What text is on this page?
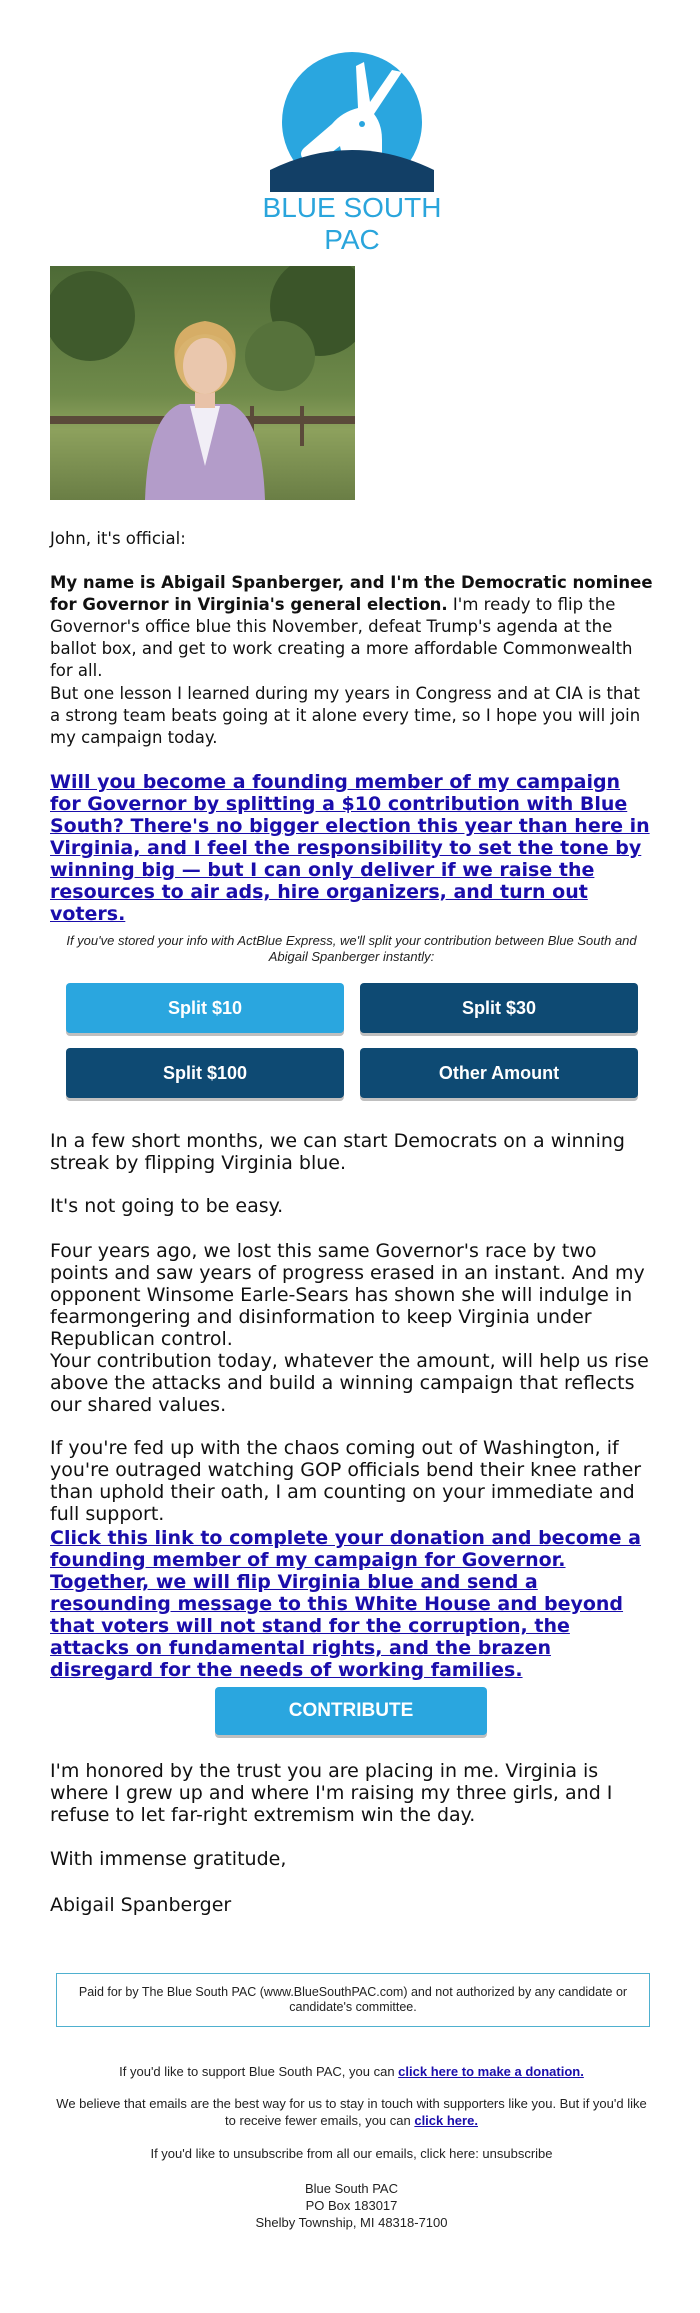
BLUE SOUTH PAC
John, it's official:
My name is Abigail Spanberger, and I'm the Democratic nominee for Governor in Virginia's general election. I'm ready to flip the Governor's office blue this November, defeat Trump's agenda at the ballot box, and get to work creating a more affordable Commonwealth for all.
But one lesson I learned during my years in Congress and at CIA is that a strong team beats going at it alone every time, so I hope you will join my campaign today.
Will you become a founding member of my campaign for Governor by splitting a $10 contribution with Blue South? There's no bigger election this year than here in Virginia, and I feel the responsibility to set the tone by winning big — but I can only deliver if we raise the resources to air ads, hire organizers, and turn out voters.
If you've stored your info with ActBlue Express, we'll split your contribution between Blue South and Abigail Spanberger instantly:
Split $10	Split $30
Split $100	Other Amount
In a few short months, we can start Democrats on a winning streak by flipping Virginia blue.
It's not going to be easy.
Four years ago, we lost this same Governor's race by two points and saw years of progress erased in an instant. And my opponent Winsome Earle-Sears has shown she will indulge in fearmongering and disinformation to keep Virginia under Republican control.
Your contribution today, whatever the amount, will help us rise above the attacks and build a winning campaign that reflects our shared values.
If you're fed up with the chaos coming out of Washington, if you're outraged watching GOP officials bend their knee rather than uphold their oath, I am counting on your immediate and full support.
Click this link to complete your donation and become a founding member of my campaign for Governor. Together, we will flip Virginia blue and send a resounding message to this White House and beyond that voters will not stand for the corruption, the attacks on fundamental rights, and the brazen disregard for the needs of working families.
CONTRIBUTE
I'm honored by the trust you are placing in me. Virginia is where I grew up and where I'm raising my three girls, and I refuse to let far-right extremism win the day.
With immense gratitude,
Abigail Spanberger
Paid for by The Blue South PAC (www.BlueSouthPAC.com) and not authorized by any candidate or candidate's committee.
If you'd like to support Blue South PAC, you can click here to make a donation.
We believe that emails are the best way for us to stay in touch with supporters like you. But if you'd like to receive fewer emails, you can click here.
If you'd like to unsubscribe from all our emails, click here: unsubscribe
Blue South PAC
PO Box 183017
Shelby Township, MI 48318-7100
